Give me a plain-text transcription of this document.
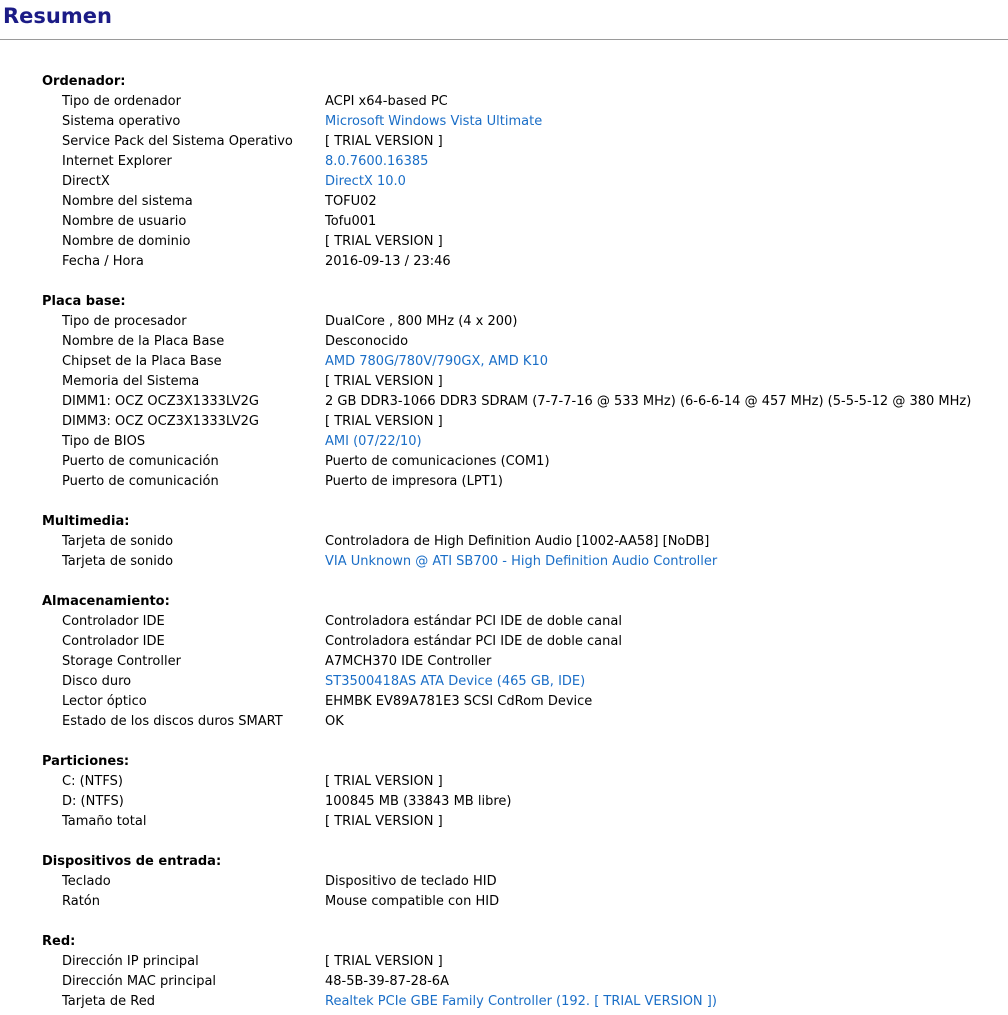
Resumen
Ordenador:
Tipo de ordenador	ACPI x64-based PC
Sistema operativo	Microsoft Windows Vista Ultimate
Service Pack del Sistema Operativo [ TRIAL VERSION ]
Internet Explorer	8.0.7600.16385
DirectX	DirectX 10.0
Nombre del sistema	TOFU02
Nombre de usuario	Tofu001
Nombre de dominio	[ TRIAL VERSION ]
Fecha / Hora	2016-09-13 / 23:46
Placa base:
Tipo de procesador	DualCore , 800 MHz (4 x 200)
Nombre de la Placa Base	Desconocido
Chipset de la Placa Base	AMD 780G/780V/790GX, AMD K10
Memoria del Sistema	[ TRIAL VERSION ]
DIMM1: OCZ OCZ3X1333LV2G	2 GB DDR3-1066 DDR3 SDRAM (7-7-7-16 @ 533 MHz) (6-6-6-14 @ 457 MHz) (5-5-5-12 @ 380 MHz)
DIMM3: OCZ OCZ3X1333LV2G	[ TRIAL VERSION ]
Tipo de BIOS	AMI (07/22/10)
Puerto de comunicación	Puerto de comunicaciones (COM1)
Puerto de comunicación	Puerto de impresora (LPT1)
Multimedia:
Tarjeta de sonido	Controladora de High Definition Audio [1002-AA58] [NoDB]
Tarjeta de sonido	VIA Unknown @ ATI SB700 - High Definition Audio Controller
Almacenamiento:
Controlador IDE	Controladora estándar PCI IDE de doble canal
Controlador IDE	Controladora estándar PCI IDE de doble canal
Storage Controller	A7MCH370 IDE Controller
Disco duro	ST3500418AS ATA Device (465 GB, IDE)
Lector óptico	EHMBK EV89A781E3 SCSI CdRom Device
Estado de los discos duros SMART	OK
Particiones:
C: (NTFS)	[ TRIAL VERSION ]
D: (NTFS)	100845 MB (33843 MB libre)
Tamaño total	[ TRIAL VERSION ]
Dispositivos de entrada:
Teclado	Dispositivo de teclado HID
Ratón	Mouse compatible con HID
Red:
Dirección IP principal	[ TRIAL VERSION ]
Dirección MAC principal	48-5B-39-87-28-6A
Tarjeta de Red	Realtek PCIe GBE Family Controller (192. [ TRIAL VERSION ])
